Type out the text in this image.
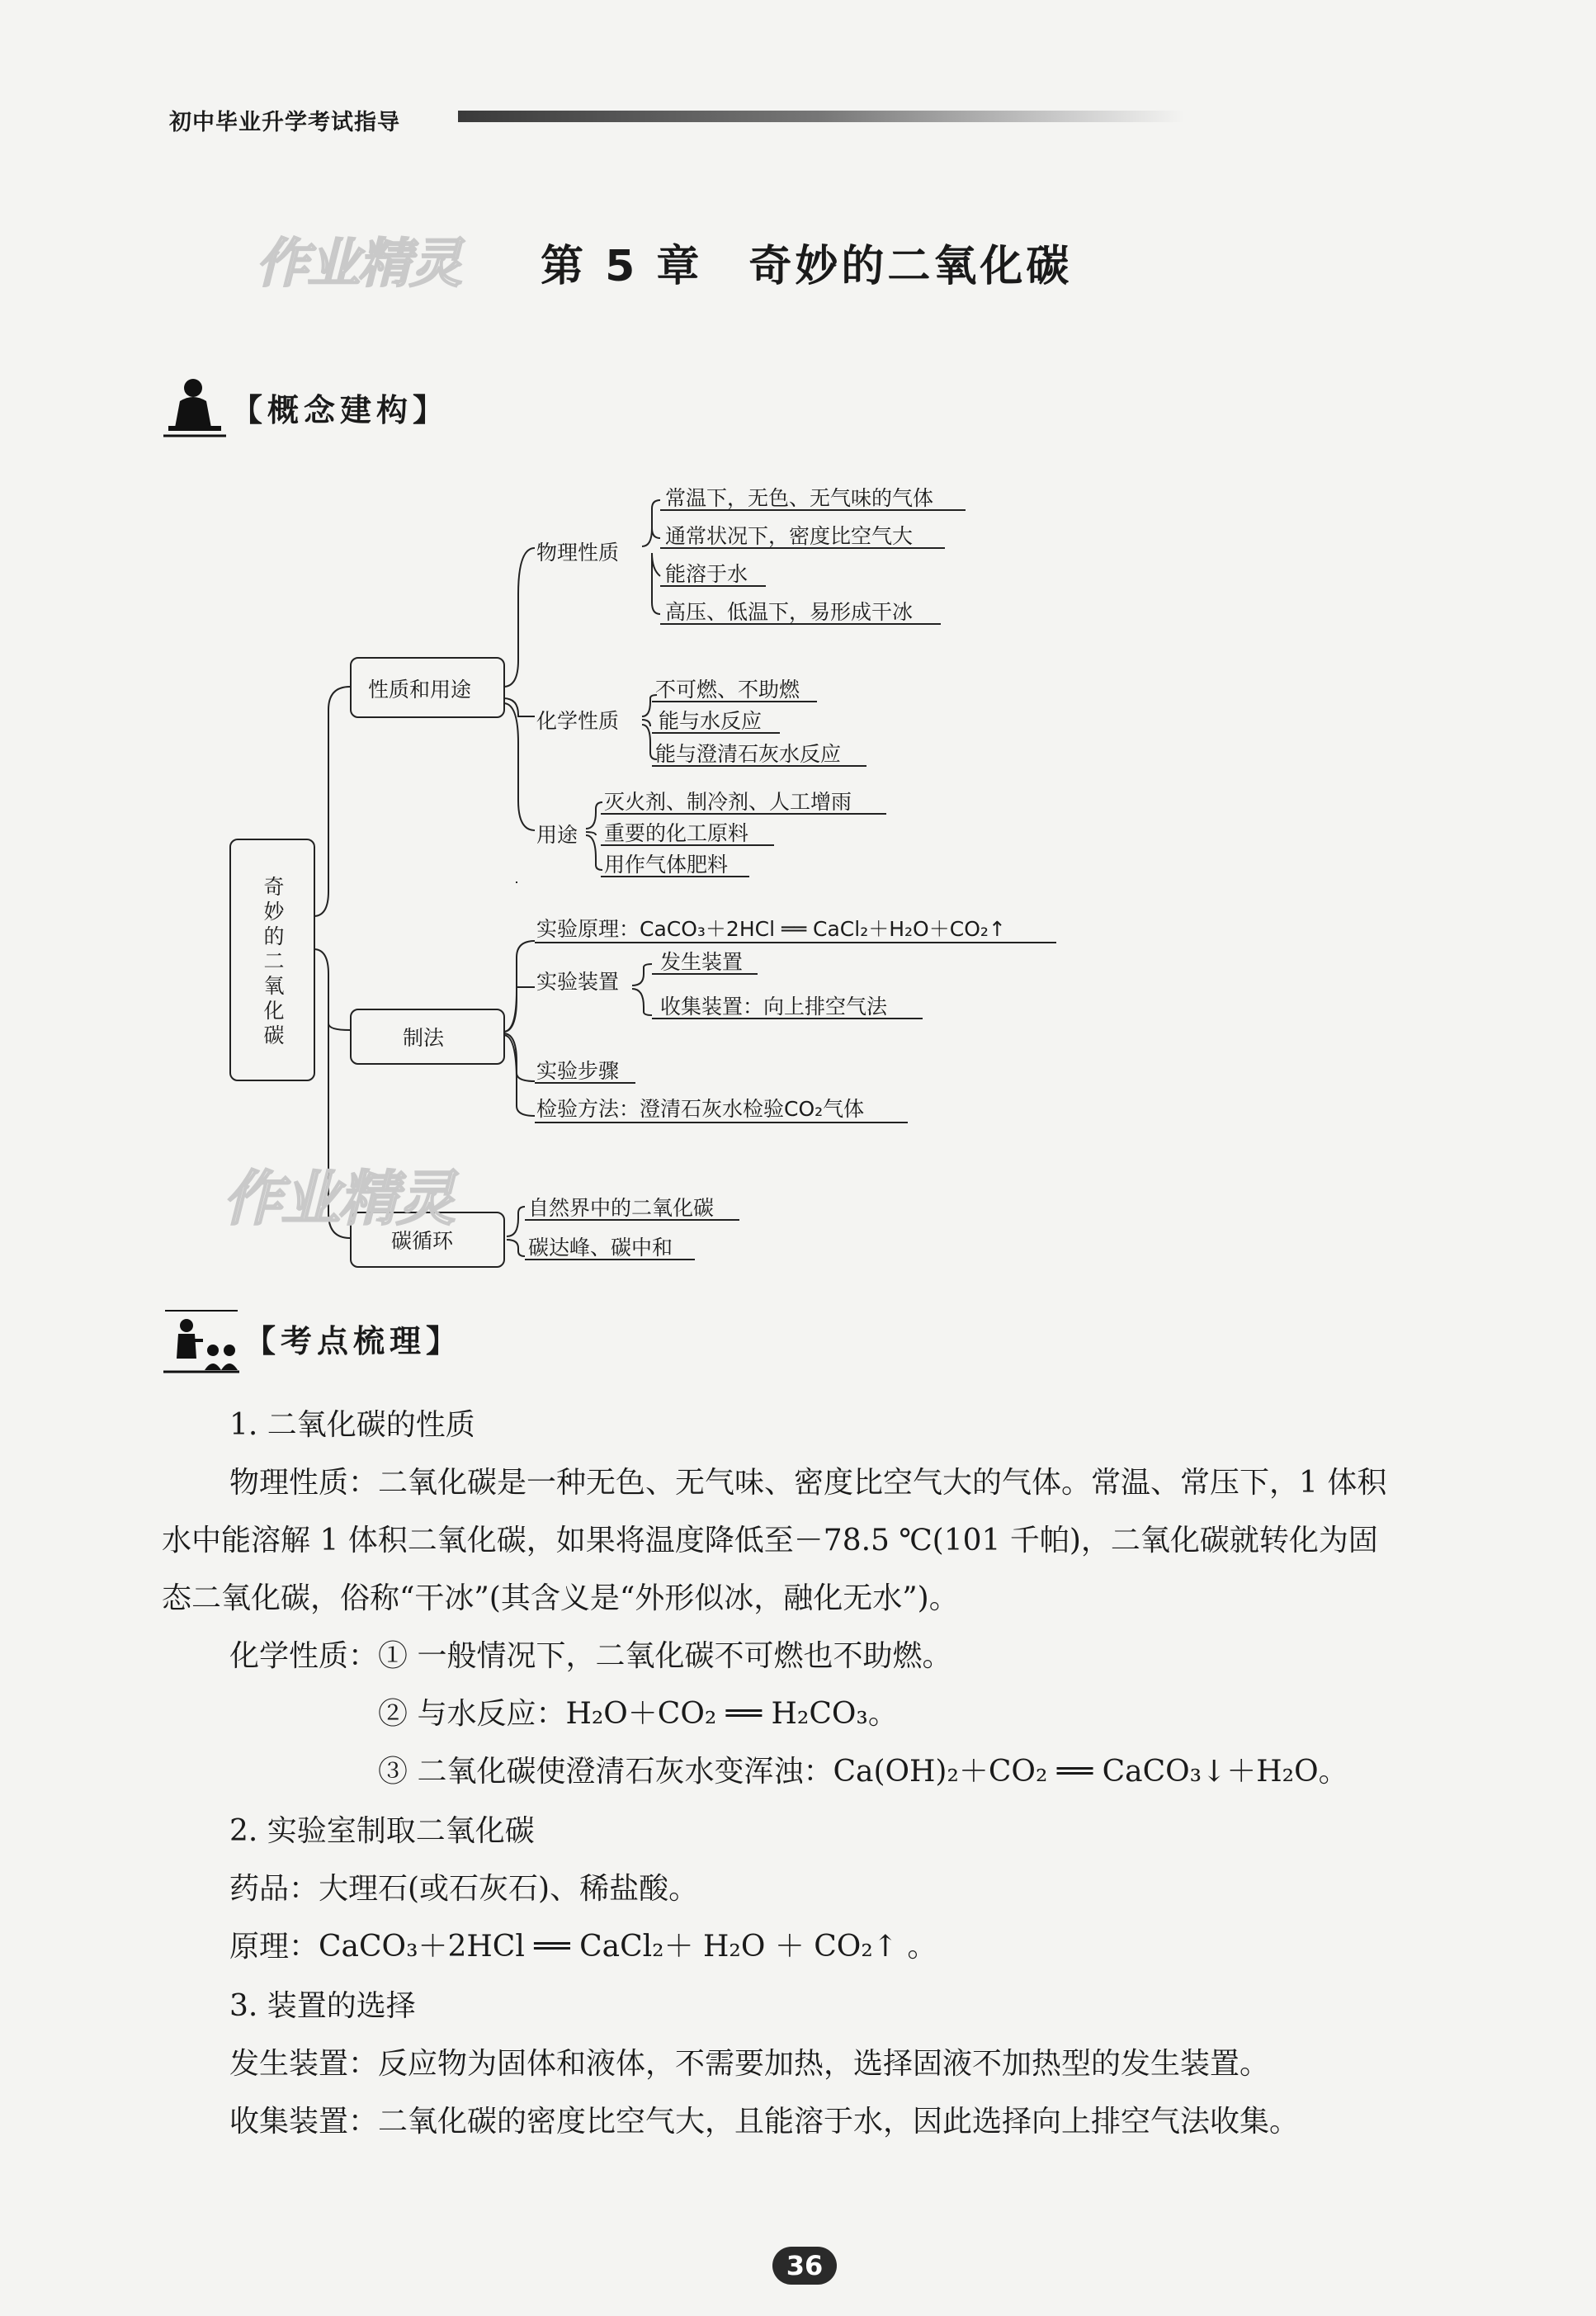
初中毕业升学考试指导
作业精灵 第 5 章　奇妙的二氧化碳
【概念建构】
奇妙的二氧化碳
性质和用途
制法
碳循环
物理性质
常温下，无色、无气味的气体
通常状况下，密度比空气大
能溶于水
高压、低温下，易形成干冰
化学性质
不可燃、不助燃
能与水反应
能与澄清石灰水反应
用途
灭火剂、制冷剂、人工增雨
重要的化工原料
用作气体肥料
实验原理：CaCO₃＋2HCl ══ CaCl₂＋H₂O＋CO₂↑
实验装置
发生装置
收集装置：向上排空气法
实验步骤
检验方法：澄清石灰水检验CO₂气体
自然界中的二氧化碳
碳达峰、碳中和
作业精灵
【考点梳理】
1. 二氧化碳的性质
物理性质：二氧化碳是一种无色、无气味、密度比空气大的气体。常温、常压下，1 体积
水中能溶解 1 体积二氧化碳，如果将温度降低至－78.5 ℃(101 千帕)，二氧化碳就转化为固
态二氧化碳，俗称“干冰”(其含义是“外形似冰，融化无水”)。
化学性质：① 一般情况下，二氧化碳不可燃也不助燃。
② 与水反应：H₂O＋CO₂ ══ H₂CO₃。
③ 二氧化碳使澄清石灰水变浑浊：Ca(OH)₂＋CO₂ ══ CaCO₃↓＋H₂O。
2. 实验室制取二氧化碳
药品：大理石(或石灰石)、稀盐酸。
原理：CaCO₃＋2HCl ══ CaCl₂＋ H₂O ＋ CO₂↑ 。
3. 装置的选择
发生装置：反应物为固体和液体，不需要加热，选择固液不加热型的发生装置。
收集装置：二氧化碳的密度比空气大，且能溶于水，因此选择向上排空气法收集。
36
